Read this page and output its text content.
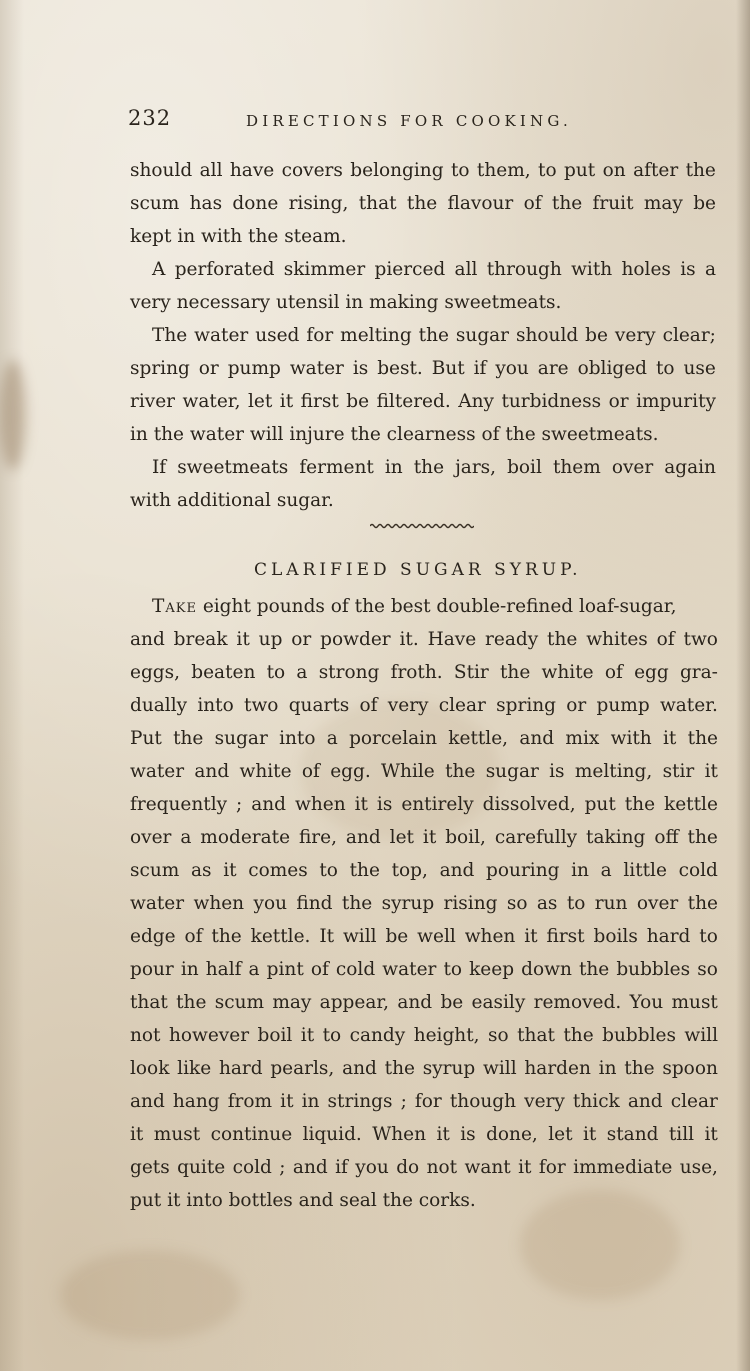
232	DIRECTIONS FOR COOKING.
should all have covers belonging to them, to put on after the
scum has done rising, that the flavour of the fruit may be
kept in with the steam.
A perforated skimmer pierced all through with holes is a
very necessary utensil in making sweetmeats.
The water used for melting the sugar should be very clear;
spring or pump water is best. But if you are obliged to use
river water, let it first be filtered. Any turbidness or impurity
in the water will injure the clearness of the sweetmeats.
If sweetmeats ferment in the jars, boil them over again
with additional sugar.
CLARIFIED SUGAR SYRUP.
Take eight pounds of the best double-refined loaf-sugar,
and break it up or powder it. Have ready the whites of two
eggs, beaten to a strong froth. Stir the white of egg gra-
dually into two quarts of very clear spring or pump water.
Put the sugar into a porcelain kettle, and mix with it the
water and white of egg. While the sugar is melting, stir it
frequently ; and when it is entirely dissolved, put the kettle
over a moderate fire, and let it boil, carefully taking off the
scum as it comes to the top, and pouring in a little cold
water when you find the syrup rising so as to run over the
edge of the kettle. It will be well when it first boils hard to
pour in half a pint of cold water to keep down the bubbles so
that the scum may appear, and be easily removed. You must
not however boil it to candy height, so that the bubbles will
look like hard pearls, and the syrup will harden in the spoon
and hang from it in strings ; for though very thick and clear
it must continue liquid. When it is done, let it stand till it
gets quite cold ; and if you do not want it for immediate use,
put it into bottles and seal the corks.
